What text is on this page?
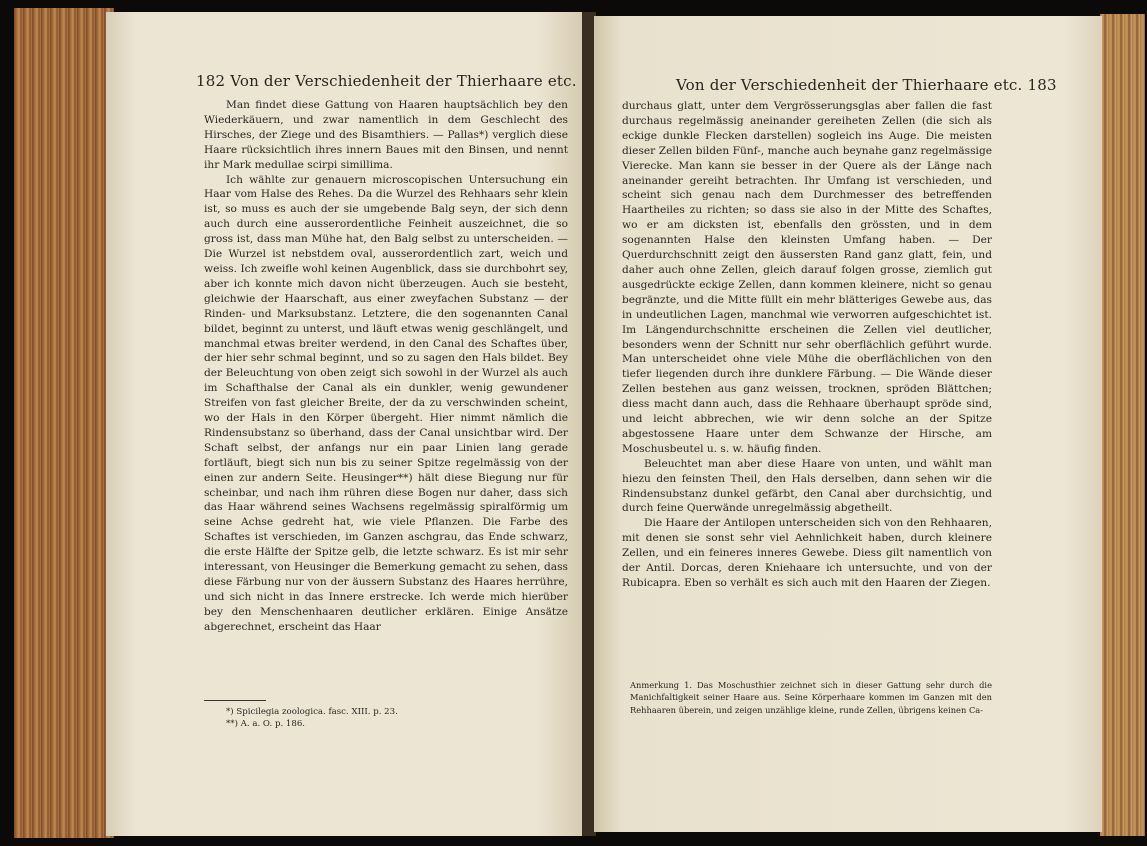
182 Von der Verschiedenheit der Thierhaare etc.

Man findet diese Gattung von Haaren hauptsächlich bey den Wiederkäuern, und zwar namentlich in dem Geschlecht des Hirsches, der Ziege und des Bisamthiers. — Pallas*) verglich diese Haare rücksichtlich ihres innern Baues mit den Binsen, und nennt ihr Mark medullae scirpi simillima.

Ich wählte zur genauern microscopischen Untersuchung ein Haar vom Halse des Rehes. Da die Wurzel des Rehhaars sehr klein ist, so muss es auch der sie umgebende Balg seyn, der sich denn auch durch eine ausserordentliche Feinheit auszeichnet, die so gross ist, dass man Mühe hat, den Balg selbst zu unterscheiden. — Die Wurzel ist nebstdem oval, ausserordentlich zart, weich und weiss. Ich zweifle wohl keinen Augenblick, dass sie durchbohrt sey, aber ich konnte mich davon nicht überzeugen. Auch sie besteht, gleichwie der Haarschaft, aus einer zweyfachen Substanz — der Rinden- und Marksubstanz. Letztere, die den sogenannten Canal bildet, beginnt zu unterst, und läuft etwas wenig geschlängelt, und manchmal etwas breiter werdend, in den Canal des Schaftes über, der hier sehr schmal beginnt, und so zu sagen den Hals bildet. Bey der Beleuchtung von oben zeigt sich sowohl in der Wurzel als auch im Schafthalse der Canal als ein dunkler, wenig gewundener Streifen von fast gleicher Breite, der da zu verschwinden scheint, wo der Hals in den Körper übergeht. Hier nimmt nämlich die Rindensubstanz so überhand, dass der Canal unsichtbar wird. Der Schaft selbst, der anfangs nur ein paar Linien lang gerade fortläuft, biegt sich nun bis zu seiner Spitze regelmässig von der einen zur andern Seite. Heusinger**) hält diese Biegung nur für scheinbar, und nach ihm rühren diese Bogen nur daher, dass sich das Haar während seines Wachsens regelmässig spiralförmig um seine Achse gedreht hat, wie viele Pflanzen. Die Farbe des Schaftes ist verschieden, im Ganzen aschgrau, das Ende schwarz, die erste Hälfte der Spitze gelb, die letzte schwarz. Es ist mir sehr interessant, von Heusinger die Bemerkung gemacht zu sehen, dass diese Färbung nur von der äussern Substanz des Haares herrühre, und sich nicht in das Innere erstrecke. Ich werde mich hierüber bey den Menschenhaaren deutlicher erklären. Einige Ansätze abgerechnet, erscheint das Haar

*) Spicilegia zoologica. fasc. XIII. p. 23.

**) A. a. O. p. 186.

Von der Verschiedenheit der Thierhaare etc. 183

durchaus glatt, unter dem Vergrösserungsglas aber fallen die fast durchaus regelmässig aneinander gereiheten Zellen (die sich als eckige dunkle Flecken darstellen) sogleich ins Auge. Die meisten dieser Zellen bilden Fünf-, manche auch beynahe ganz regelmässige Vierecke. Man kann sie besser in der Quere als der Länge nach aneinander gereiht betrachten. Ihr Umfang ist verschieden, und scheint sich genau nach dem Durchmesser des betreffenden Haartheiles zu richten; so dass sie also in der Mitte des Schaftes, wo er am dicksten ist, ebenfalls den grössten, und in dem sogenannten Halse den kleinsten Umfang haben. — Der Querdurchschnitt zeigt den äussersten Rand ganz glatt, fein, und daher auch ohne Zellen, gleich darauf folgen grosse, ziemlich gut ausgedrückte eckige Zellen, dann kommen kleinere, nicht so genau begränzte, und die Mitte füllt ein mehr blätteriges Gewebe aus, das in undeutlichen Lagen, manchmal wie verworren aufgeschichtet ist. Im Längendurchschnitte erscheinen die Zellen viel deutlicher, besonders wenn der Schnitt nur sehr oberflächlich geführt wurde. Man unterscheidet ohne viele Mühe die oberflächlichen von den tiefer liegenden durch ihre dunklere Färbung. — Die Wände dieser Zellen bestehen aus ganz weissen, trocknen, spröden Blättchen; diess macht dann auch, dass die Rehhaare überhaupt spröde sind, und leicht abbrechen, wie wir denn solche an der Spitze abgestossene Haare unter dem Schwanze der Hirsche, am Moschusbeutel u. s. w. häufig finden.

Beleuchtet man aber diese Haare von unten, und wählt man hiezu den feinsten Theil, den Hals derselben, dann sehen wir die Rindensubstanz dunkel gefärbt, den Canal aber durchsichtig, und durch feine Querwände unregelmässig abgetheilt.

Die Haare der Antilopen unterscheiden sich von den Rehhaaren, mit denen sie sonst sehr viel Aehnlichkeit haben, durch kleinere Zellen, und ein feineres inneres Gewebe. Diess gilt namentlich von der Antil. Dorcas, deren Kniehaare ich untersuchte, und von der Rubicapra. Eben so verhält es sich auch mit den Haaren der Ziegen.

Anmerkung 1. Das Moschusthier zeichnet sich in dieser Gattung sehr durch die Manichfaltigkeit seiner Haare aus. Seine Körperhaare kommen im Ganzen mit den Rehhaaren überein, und zeigen unzählige kleine, runde Zellen, übrigens keinen Ca-
